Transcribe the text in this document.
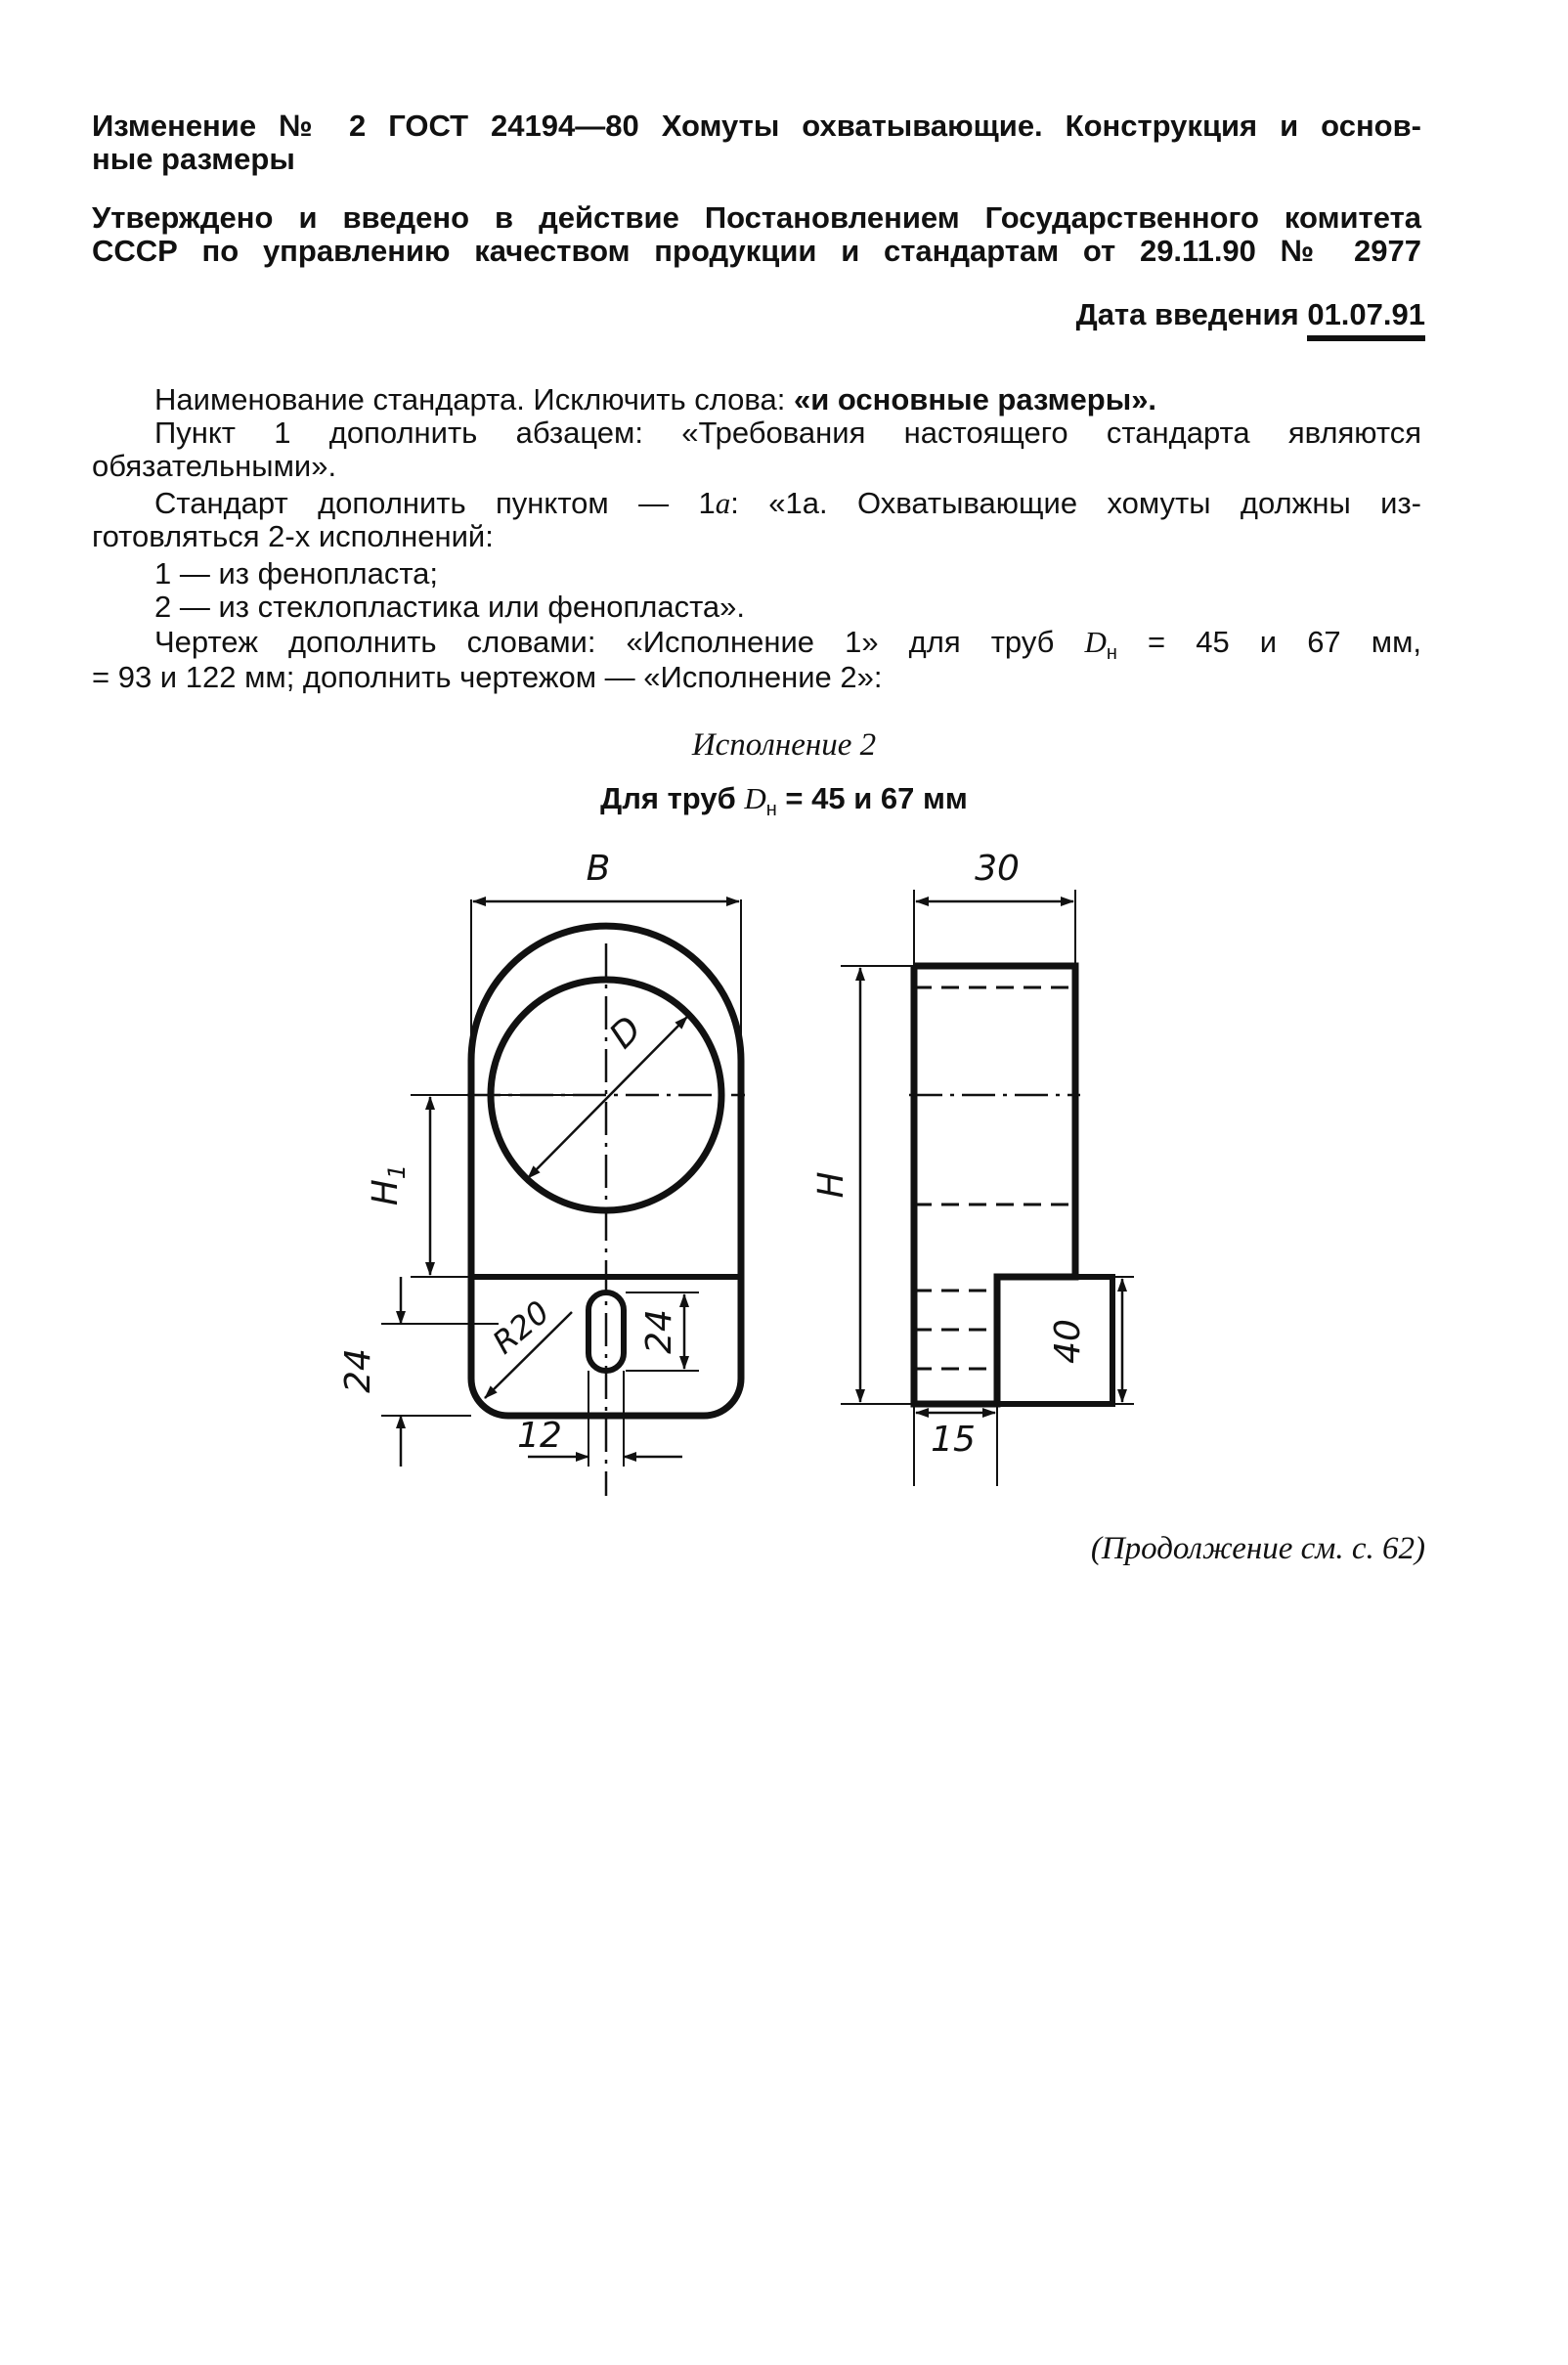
Изменение № 2 ГОСТ 24194—80 Хомуты охватывающие. Конструкция и основ-
ные размеры
Утверждено и введено в действие Постановлением Государственного комитета
СССР по управлению качеством продукции и стандартам от 29.11.90 № 2977
Дата введения 01.07.91
Наименование стандарта. Исключить слова: «и основные размеры».
Пункт 1 дополнить абзацем: «Требования настоящего стандарта являются
обязательными».
Стандарт дополнить пунктом — 1а: «1а. Охватывающие хомуты должны из-
готовляться 2-х исполнений:
1 — из фенопласта;
2 — из стеклопластика или фенопласта».
Чертеж дополнить словами: «Исполнение 1» для труб $D_н = 45$ и 67 мм,
= 93 и 122 мм; дополнить чертежом — «Исполнение 2»:
Исполнение 2
Для труб $D_н = 45$ и 67 мм
B
D
$H_1$
R20
24
24
12
30
H
40
15
(Продолжение см. с. 62)
